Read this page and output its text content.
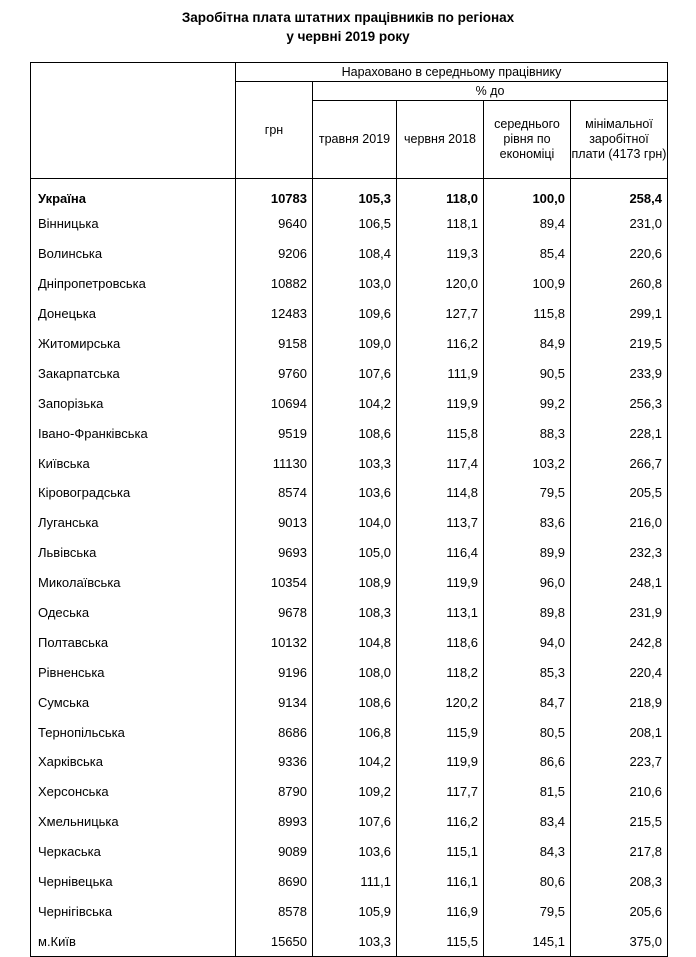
Заробітна плата штатних працівників по регіонах
у червні 2019 року
	Нараховано в середньому працівнику				
	грн	% до			
		травня 2019	червня 2018	середнього рівня по економіці	мінімальної заробітної плати (4173 грн)

Україна	10783	105,3	118,0	100,0	258,4
Вінницька	9640	106,5	118,1	89,4	231,0
Волинська	9206	108,4	119,3	85,4	220,6
Дніпропетровська	10882	103,0	120,0	100,9	260,8
Донецька	12483	109,6	127,7	115,8	299,1
Житомирська	9158	109,0	116,2	84,9	219,5
Закарпатська	9760	107,6	111,9	90,5	233,9
Запорізька	10694	104,2	119,9	99,2	256,3
Івано-Франківська	9519	108,6	115,8	88,3	228,1
Київська	11130	103,3	117,4	103,2	266,7
Кіровоградська	8574	103,6	114,8	79,5	205,5
Луганська	9013	104,0	113,7	83,6	216,0
Львівська	9693	105,0	116,4	89,9	232,3
Миколаївська	10354	108,9	119,9	96,0	248,1
Одеська	9678	108,3	113,1	89,8	231,9
Полтавська	10132	104,8	118,6	94,0	242,8
Рівненська	9196	108,0	118,2	85,3	220,4
Сумська	9134	108,6	120,2	84,7	218,9
Тернопільська	8686	106,8	115,9	80,5	208,1
Харківська	9336	104,2	119,9	86,6	223,7
Херсонська	8790	109,2	117,7	81,5	210,6
Хмельницька	8993	107,6	116,2	83,4	215,5
Черкаська	9089	103,6	115,1	84,3	217,8
Чернівецька	8690	111,1	116,1	80,6	208,3
Чернігівська	8578	105,9	116,9	79,5	205,6
м.Київ	15650	103,3	115,5	145,1	375,0
